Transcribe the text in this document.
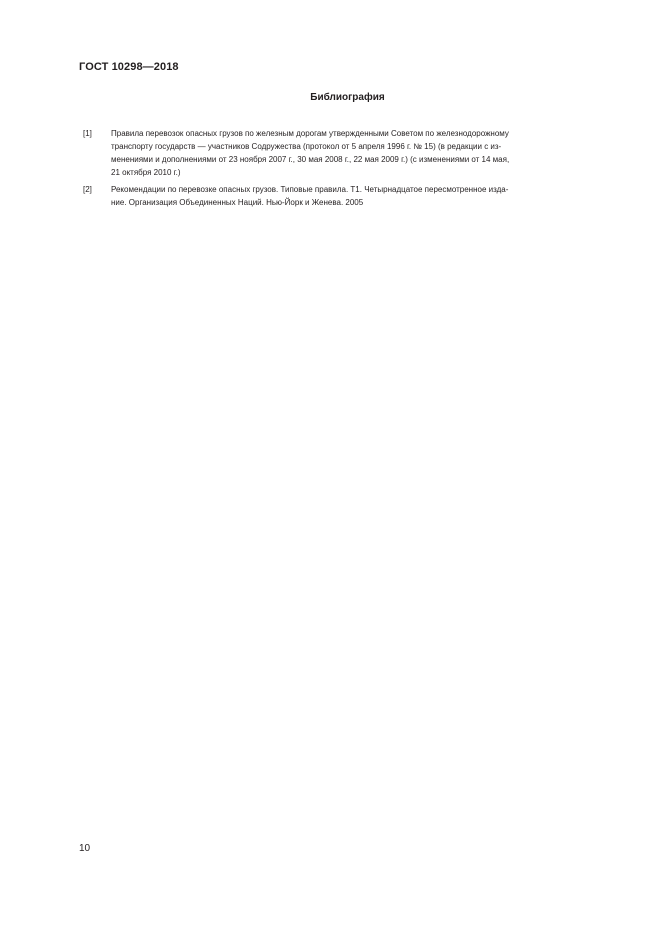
ГОСТ 10298—2018
Библиография
[1]	Правила перевозок опасных грузов по железным дорогам утвержденными Советом по железнодорожному
транспорту государств — участников Содружества (протокол от 5 апреля 1996 г. № 15) (в редакции с из-
менениями и дополнениями от 23 ноября 2007 г., 30 мая 2008 г., 22 мая 2009 г.) (с изменениями от 14 мая,
21 октября 2010 г.)
[2]	Рекомендации по перевозке опасных грузов. Типовые правила. Т1. Четырнадцатое пересмотренное изда-
ние. Организация Объединенных Наций. Нью-Йорк и Женева. 2005
10
